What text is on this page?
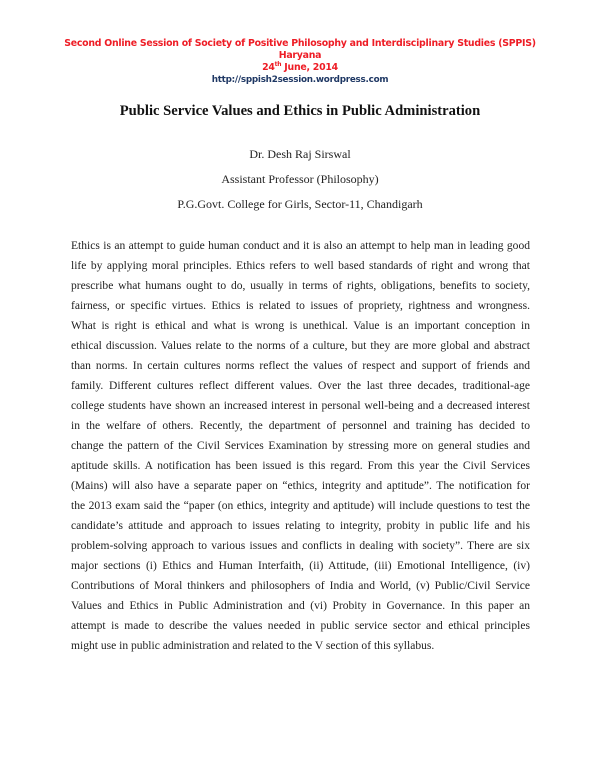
Second Online Session of Society of Positive Philosophy and Interdisciplinary Studies (SPPIS)
Haryana
24th June, 2014
http://sppish2session.wordpress.com
Public Service Values and Ethics in Public Administration
Dr. Desh Raj Sirswal
Assistant Professor (Philosophy)
P.G.Govt. College for Girls, Sector-11, Chandigarh
Ethics is an attempt to guide human conduct and it is also an attempt to help man in leading good
life by applying moral principles. Ethics refers to well based standards of right and wrong that
prescribe what humans ought to do, usually in terms of rights, obligations, benefits to society,
fairness, or specific virtues. Ethics is related to issues of propriety, rightness and wrongness.
What is right is ethical and what is wrong is unethical. Value is an important conception in
ethical discussion. Values relate to the norms of a culture, but they are more global and abstract
than norms. In certain cultures norms reflect the values of respect and support of friends and
family. Different cultures reflect different values. Over the last three decades, traditional-age
college students have shown an increased interest in personal well-being and a decreased interest
in the welfare of others. Recently, the department of personnel and training has decided to
change the pattern of the Civil Services Examination by stressing more on general studies and
aptitude skills. A notification has been issued is this regard. From this year the Civil Services
(Mains) will also have a separate paper on “ethics, integrity and aptitude”. The notification for
the 2013 exam said the “paper (on ethics, integrity and aptitude) will include questions to test the
candidate’s attitude and approach to issues relating to integrity, probity in public life and his
problem-solving approach to various issues and conflicts in dealing with society”. There are six
major sections (i) Ethics and Human Interfaith, (ii) Attitude, (iii) Emotional Intelligence, (iv)
Contributions of Moral thinkers and philosophers of India and World, (v) Public/Civil Service
Values and Ethics in Public Administration and (vi) Probity in Governance. In this paper an
attempt is made to describe the values needed in public service sector and ethical principles
might use in public administration and related to the V section of this syllabus.
